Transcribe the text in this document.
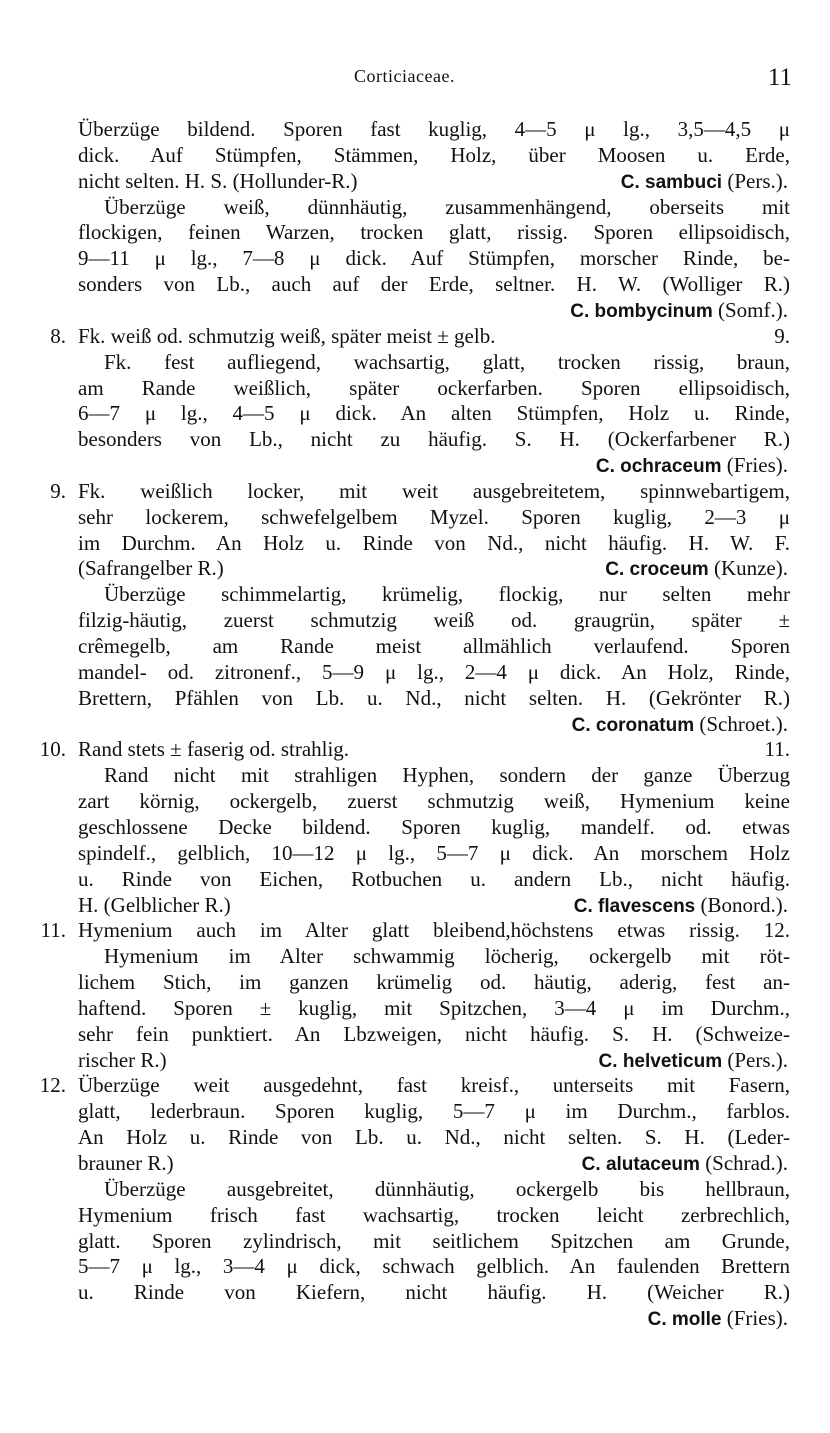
Corticiaceae.	11
Überzüge bildend. Sporen fast kuglig, 4—5 μ lg., 3,5—4,5 μ
dick. Auf Stümpfen, Stämmen, Holz, über Moosen u. Erde,
nicht selten. H. S. (Hollunder-R.)	C. sambuci (Pers.).
Überzüge weiß, dünnhäutig, zusammenhängend, oberseits mit
flockigen, feinen Warzen, trocken glatt, rissig. Sporen ellipsoidisch,
9—11 μ lg., 7—8 μ dick. Auf Stümpfen, morscher Rinde, be-
sonders von Lb., auch auf der Erde, seltner. H. W. (Wolliger R.)
C. bombycinum (Somf.).
8. Fk. weiß od. schmutzig weiß, später meist ± gelb.	9.
Fk. fest aufliegend, wachsartig, glatt, trocken rissig, braun,
am Rande weißlich, später ockerfarben. Sporen ellipsoidisch,
6—7 μ lg., 4—5 μ dick. An alten Stümpfen, Holz u. Rinde,
besonders von Lb., nicht zu häufig. S. H. (Ockerfarbener R.)
C. ochraceum (Fries).
9. Fk. weißlich locker, mit weit ausgebreitetem, spinnwebartigem,
sehr lockerem, schwefelgelbem Myzel. Sporen kuglig, 2—3 μ
im Durchm. An Holz u. Rinde von Nd., nicht häufig. H. W. F.
(Safrangelber R.)	C. croceum (Kunze).
Überzüge schimmelartig, krümelig, flockig, nur selten mehr
filzig-häutig, zuerst schmutzig weiß od. graugrün, später ±
crêmegelb, am Rande meist allmählich verlaufend. Sporen
mandel- od. zitronenf., 5—9 μ lg., 2—4 μ dick. An Holz, Rinde,
Brettern, Pfählen von Lb. u. Nd., nicht selten. H. (Gekrönter R.)
C. coronatum (Schroet.).
10. Rand stets ± faserig od. strahlig.	11.
Rand nicht mit strahligen Hyphen, sondern der ganze Überzug
zart körnig, ockergelb, zuerst schmutzig weiß, Hymenium keine
geschlossene Decke bildend. Sporen kuglig, mandelf. od. etwas
spindelf., gelblich, 10—12 μ lg., 5—7 μ dick. An morschem Holz
u. Rinde von Eichen, Rotbuchen u. andern Lb., nicht häufig.
H. (Gelblicher R.)	C. flavescens (Bonord.).
11. Hymenium auch im Alter glatt bleibend,höchstens etwas rissig. 12.
Hymenium im Alter schwammig löcherig, ockergelb mit röt-
lichem Stich, im ganzen krümelig od. häutig, aderig, fest an-
haftend. Sporen ± kuglig, mit Spitzchen, 3—4 μ im Durchm.,
sehr fein punktiert. An Lbzweigen, nicht häufig. S. H. (Schweize-
rischer R.)	C. helveticum (Pers.).
12. Überzüge weit ausgedehnt, fast kreisf., unterseits mit Fasern,
glatt, lederbraun. Sporen kuglig, 5—7 μ im Durchm., farblos.
An Holz u. Rinde von Lb. u. Nd., nicht selten. S. H. (Leder-
brauner R.)	C. alutaceum (Schrad.).
Überzüge ausgebreitet, dünnhäutig, ockergelb bis hellbraun,
Hymenium frisch fast wachsartig, trocken leicht zerbrechlich,
glatt. Sporen zylindrisch, mit seitlichem Spitzchen am Grunde,
5—7 μ lg., 3—4 μ dick, schwach gelblich. An faulenden Brettern
u. Rinde von Kiefern, nicht häufig. H. (Weicher R.)
C. molle (Fries).
